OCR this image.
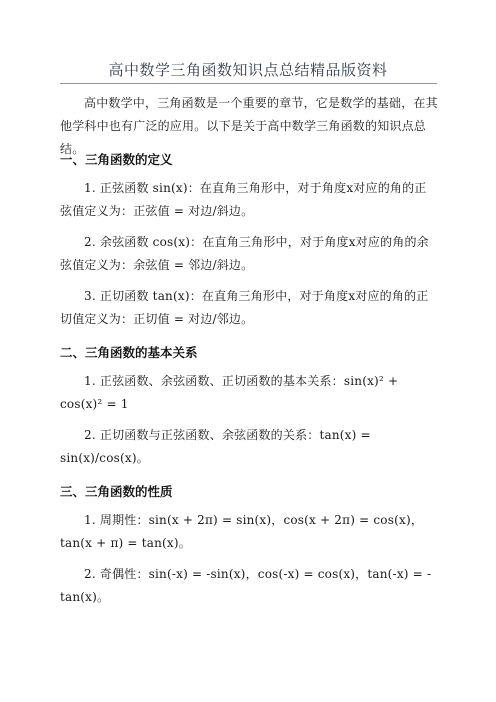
高中数学三角函数知识点总结精品版资料
高中数学中，三角函数是一个重要的章节，它是数学的基础，在其他学科中也有广泛的应用。以下是关于高中数学三角函数的知识点总结。
一、三角函数的定义
1. 正弦函数 sin(x)：在直角三角形中，对于角度x对应的角的正弦值定义为：正弦值 = 对边/斜边。
2. 余弦函数 cos(x)：在直角三角形中，对于角度x对应的角的余弦值定义为：余弦值 = 邻边/斜边。
3. 正切函数 tan(x)：在直角三角形中，对于角度x对应的角的正切值定义为：正切值 = 对边/邻边。
二、三角函数的基本关系
1. 正弦函数、余弦函数、正切函数的基本关系：sin(x)² + cos(x)² = 1
2. 正切函数与正弦函数、余弦函数的关系：tan(x) = sin(x)/cos(x)。
三、三角函数的性质
1. 周期性：sin(x + 2π) = sin(x)，cos(x + 2π) = cos(x)，tan(x + π) = tan(x)。
2. 奇偶性：sin(-x) = -sin(x)，cos(-x) = cos(x)，tan(-x) = -tan(x)。
